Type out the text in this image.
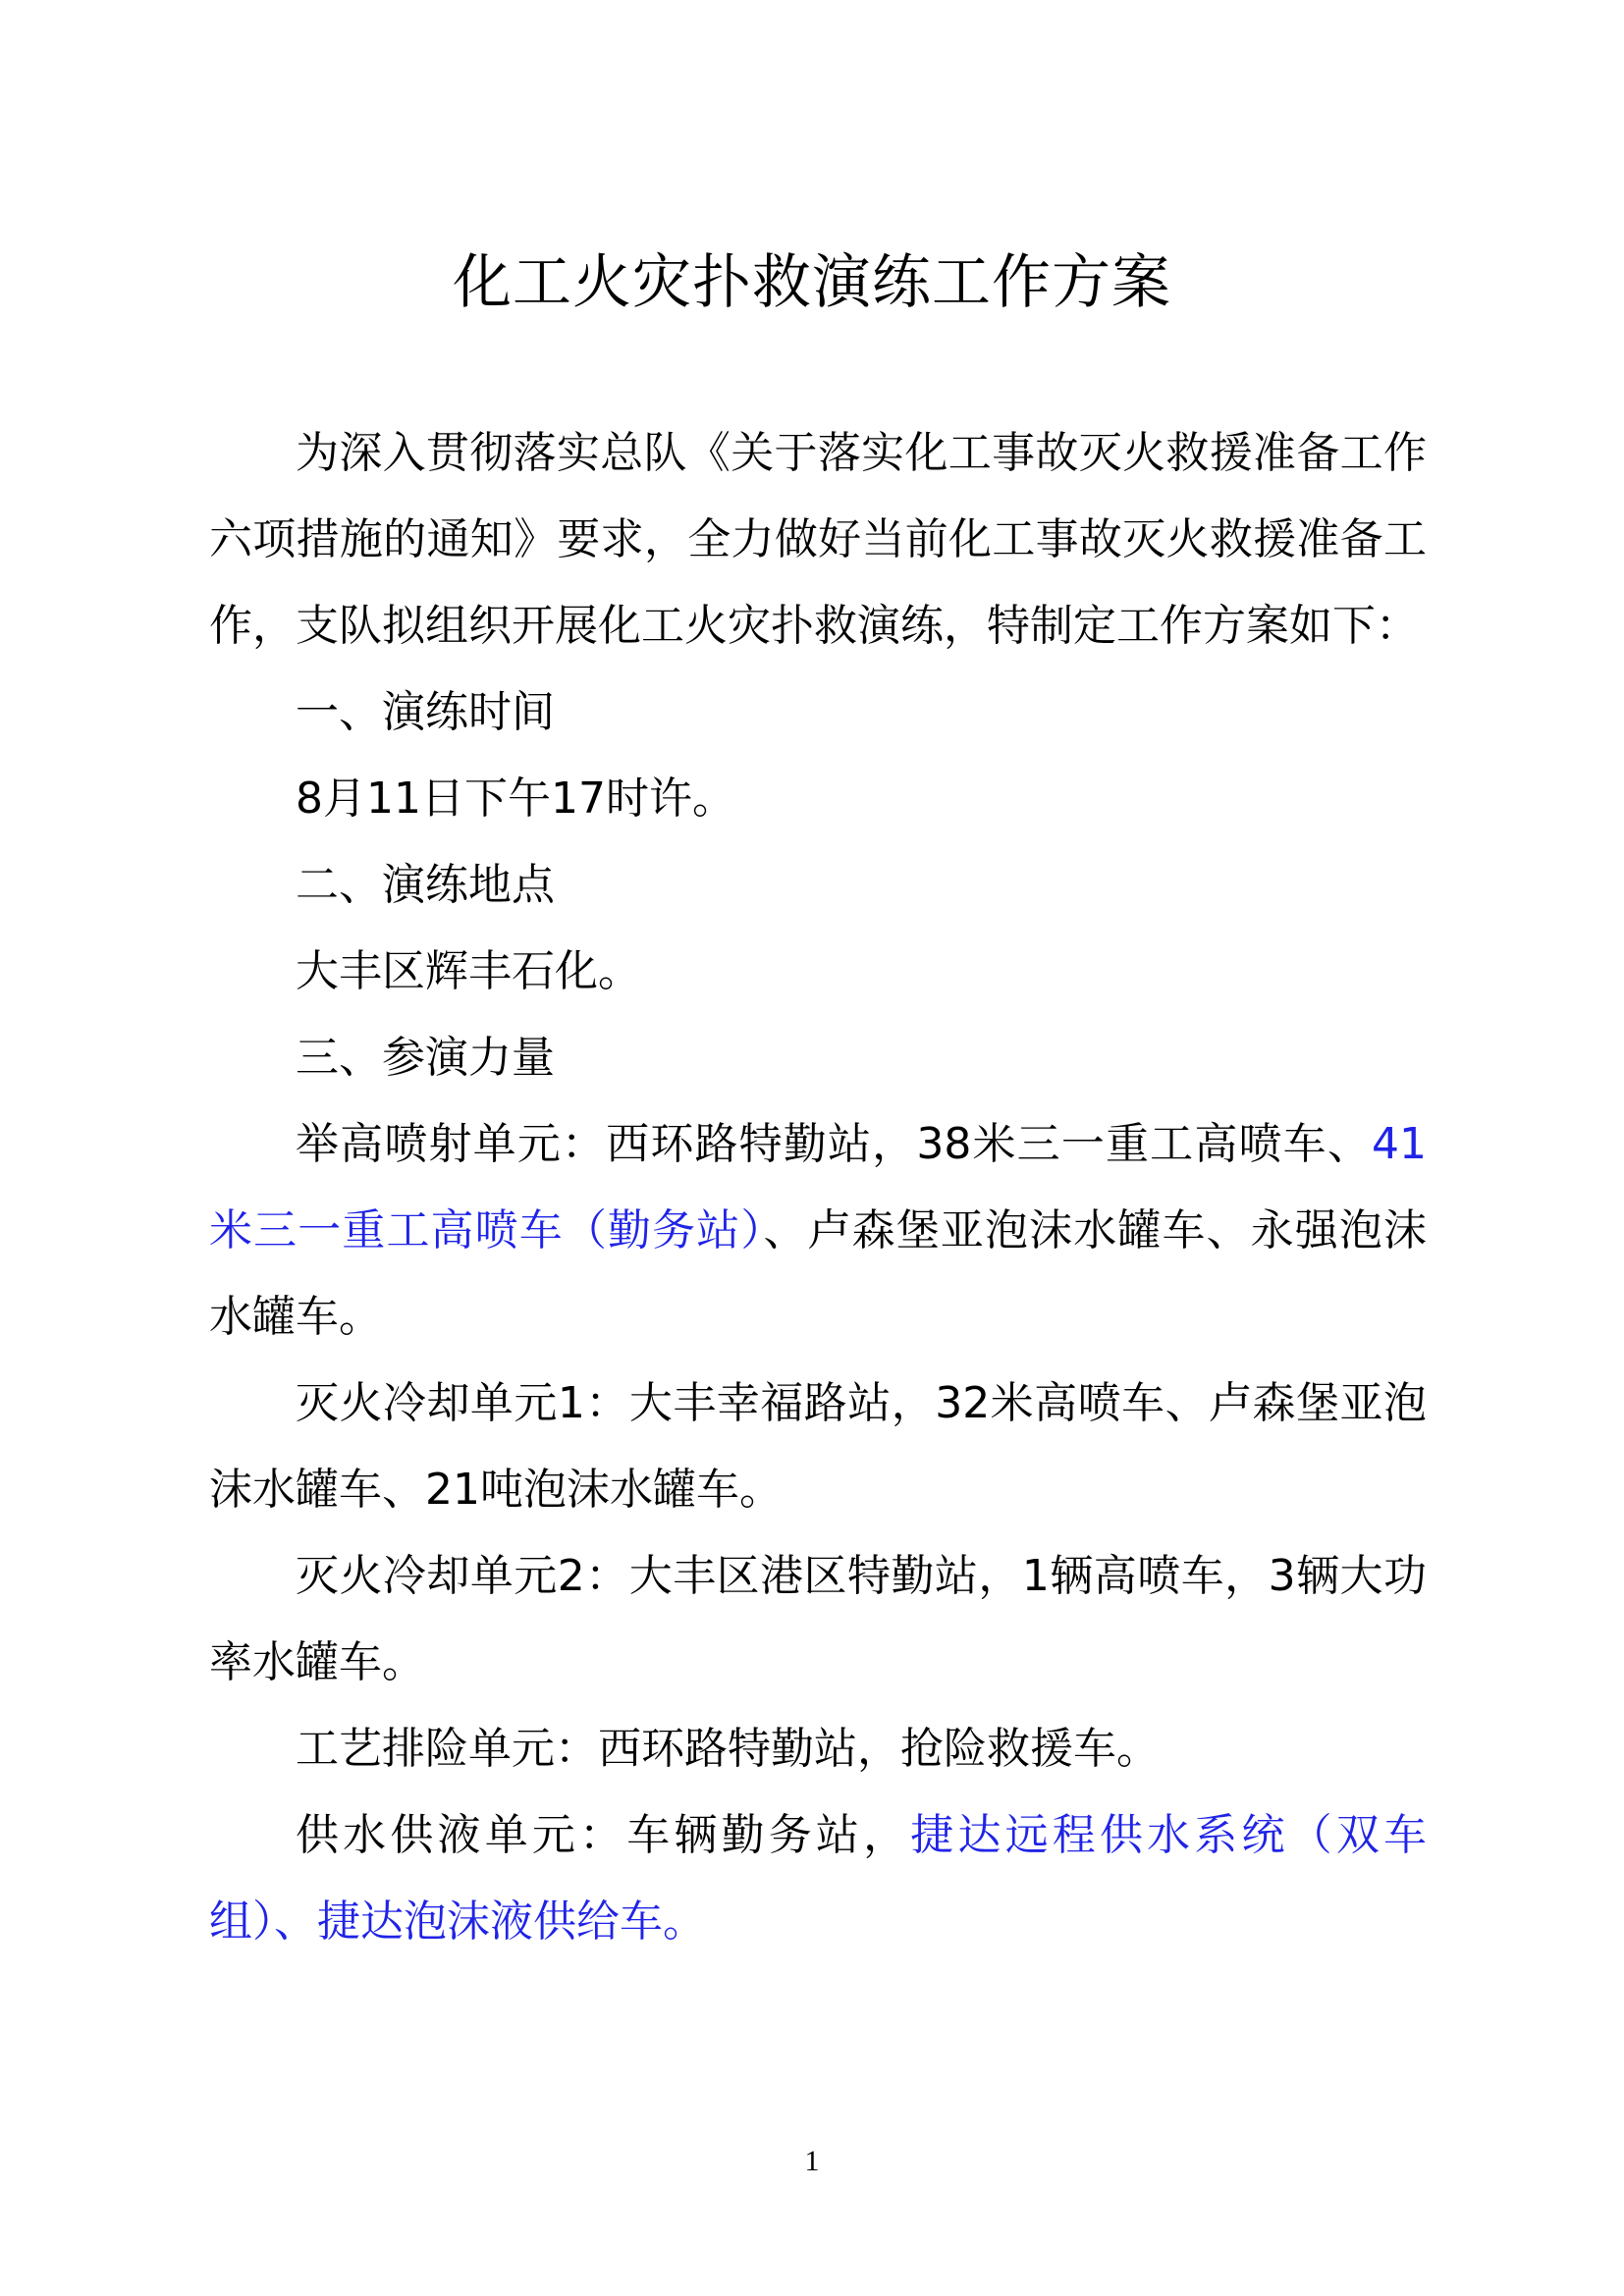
化工火灾扑救演练工作方案

为深入贯彻落实总队《关于落实化工事故灭火救援准备工作六项措施的通知》要求，全力做好当前化工事故灭火救援准备工作，支队拟组织开展化工火灾扑救演练，特制定工作方案如下：

一、演练时间

8月11日下午17时许。

二、演练地点

大丰区辉丰石化。

三、参演力量

举高喷射单元：西环路特勤站，38米三一重工高喷车、41米三一重工高喷车（勤务站）、卢森堡亚泡沫水罐车、永强泡沫水罐车。

灭火冷却单元1：大丰幸福路站，32米高喷车、卢森堡亚泡沫水罐车、21吨泡沫水罐车。

灭火冷却单元2：大丰区港区特勤站，1辆高喷车，3辆大功率水罐车。

工艺排险单元：西环路特勤站，抢险救援车。

供水供液单元：车辆勤务站，捷达远程供水系统（双车组）、捷达泡沫液供给车。

1
